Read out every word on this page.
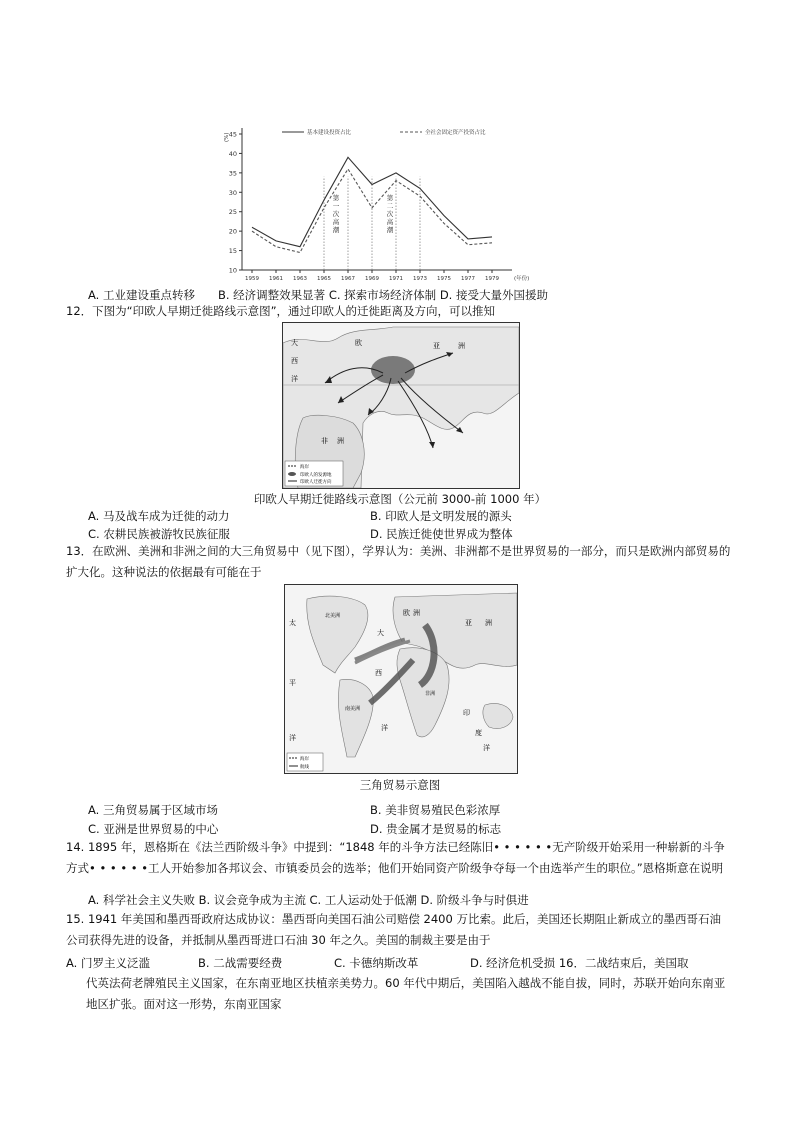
10
15
20
25
30
35
40
45
1959 1961 1963 1965 1967 1969 1971 1973 1975 1977 1979
(%)
(年份)
第一次高潮
第二次高潮
基本建设投资占比	全社会固定资产投资占比
A. 工业建设重点转移　　B. 经济调整效果显著 C. 探索市场经济体制 D. 接受大量外国援助
12．下图为“印欧人早期迁徙路线示意图”，通过印欧人的迁徙距离及方向，可以推知
海岸
印欧人的发源地
印欧人迁徙方向
大
西
洋
非 洲
欧	亚	洲
印欧人早期迁徙路线示意图（公元前 3000-前 1000 年）
A. 马及战车成为迁徙的动力	B. 印欧人是文明发展的源头
C. 农耕民族被游牧民族征服	D. 民族迁徙使世界成为整体
13．在欧洲、美洲和非洲之间的大三角贸易中（见下图），学界认为：美洲、非洲都不是世界贸易的一部分，而只是欧洲内部贸易的扩大化。这种说法的依据最有可能在于
海岸
航线
太
平
洋
北美洲
大
西
洋
南美洲
欧 洲
非洲
亚 洲
印
度
洋
三角贸易示意图
A. 三角贸易属于区域市场	B. 美非贸易殖民色彩浓厚
C. 亚洲是世界贸易的中心	D. 贵金属才是贸易的标志
14. 1895 年，恩格斯在《法兰西阶级斗争》中提到：“1848 年的斗争方法已经陈旧• • • • • •无产阶级开始采用一种崭新的斗争方式• • • • • •工人开始参加各邦议会、市镇委员会的选举；他们开始同资产阶级争夺每一个由选举产生的职位。”恩格斯意在说明
A. 科学社会主义失败 B. 议会竞争成为主流 C. 工人运动处于低潮 D. 阶级斗争与时俱进
15. 1941 年美国和墨西哥政府达成协议：墨西哥向美国石油公司赔偿 2400 万比索。此后，美国还长期阻止新成立的墨西哥石油公司获得先进的设备，并抵制从墨西哥进口石油 30 年之久。美国的制裁主要是由于
A. 门罗主义泛滥	B. 二战需要经费	C. 卡德纳斯改革	D. 经济危机受损 16．二战结束后，美国取
代英法荷老牌殖民主义国家，在东南亚地区扶植亲美势力。60 年代中期后，美国陷入越战不能自拔，同时，苏联开始向东南亚地区扩张。面对这一形势，东南亚国家
